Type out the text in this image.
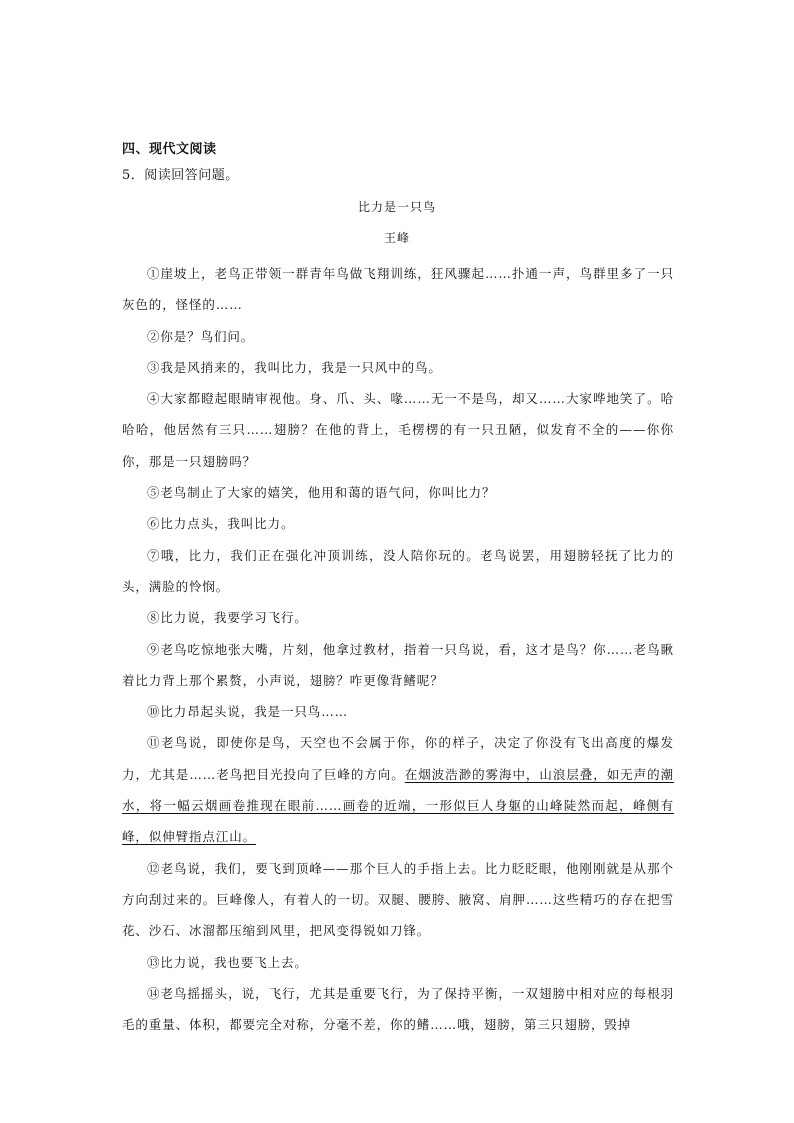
四、现代文阅读
5．阅读回答问题。
比力是一只鸟
王峰

①崖坡上，老鸟正带领一群青年鸟做飞翔训练，狂风骤起……扑通一声，鸟群里多了一只灰色的，怪怪的……

②你是？鸟们问。

③我是风捎来的，我叫比力，我是一只风中的鸟。

④大家都瞪起眼睛审视他。身、爪、头、喙……无一不是鸟，却又……大家哗地笑了。哈哈哈，他居然有三只……翅膀？在他的背上，毛楞楞的有一只丑陋，似发育不全的——你你你，那是一只翅膀吗？

⑤老鸟制止了大家的嬉笑，他用和蔼的语气问，你叫比力？

⑥比力点头，我叫比力。

⑦哦，比力，我们正在强化冲顶训练，没人陪你玩的。老鸟说罢，用翅膀轻抚了比力的头，满脸的怜悯。

⑧比力说，我要学习飞行。

⑨老鸟吃惊地张大嘴，片刻，他拿过教材，指着一只鸟说，看，这才是鸟？你……老鸟瞅着比力背上那个累赘，小声说，翅膀？咋更像背鳍呢？

⑩比力昂起头说，我是一只鸟……

⑪老鸟说，即使你是鸟，天空也不会属于你，你的样子，决定了你没有飞出高度的爆发力，尤其是……老鸟把目光投向了巨峰的方向。在烟波浩渺的雾海中，山浪层叠，如无声的潮水，将一幅云烟画卷推现在眼前……画卷的近端，一形似巨人身躯的山峰陡然而起，峰侧有峰，似伸臂指点江山。

⑫老鸟说，我们，要飞到顶峰——那个巨人的手指上去。比力眨眨眼，他刚刚就是从那个方向刮过来的。巨峰像人，有着人的一切。双腿、腰胯、腋窝、肩胛……这些精巧的存在把雪花、沙石、冰溜都压缩到风里，把风变得锐如刀锋。

⑬比力说，我也要飞上去。

⑭老鸟摇摇头，说，飞行，尤其是重要飞行，为了保持平衡，一双翅膀中相对应的每根羽毛的重量、体积，都要完全对称，分毫不差，你的鳍……哦，翅膀，第三只翅膀，毁掉
